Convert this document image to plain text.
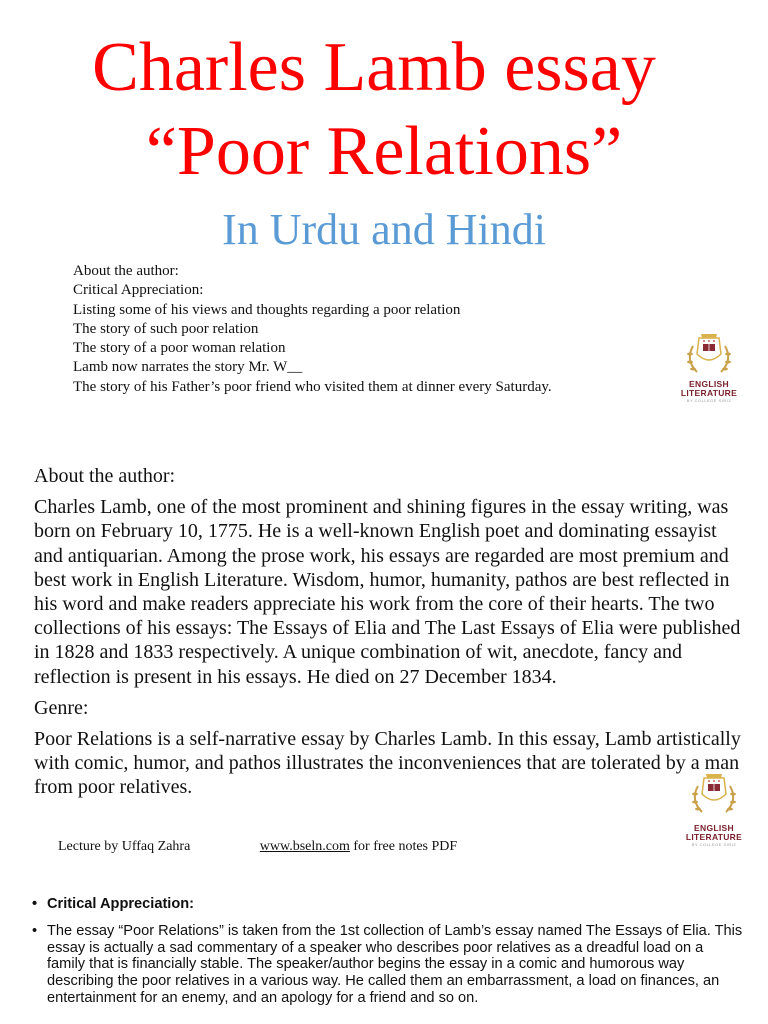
Charles Lamb essay
“Poor Relations”
In Urdu and Hindi
About the author:
Critical Appreciation:
Listing some of his views and thoughts regarding a poor relation
The story of such poor relation
The story of a poor woman relation
Lamb now narrates the story Mr. W__
The story of his Father’s poor friend who visited them at dinner every Saturday.	ENGLISH
LITERATURE
BY COLLEGE SIRIZ

About the author:

Charles Lamb, one of the most prominent and shining figures in the essay writing, was born on February 10, 1775. He is a well-known English poet and dominating essayist and antiquarian. Among the prose work, his essays are regarded are most premium and best work in English Literature. Wisdom, humor, humanity, pathos are best reflected in his word and make readers appreciate his work from the core of their hearts. The two collections of his essays: The Essays of Elia and The Last Essays of Elia were published in 1828 and 1833 respectively. A unique combination of wit, anecdote, fancy and reflection is present in his essays. He died on 27 December 1834.

Genre:

Poor Relations is a self-narrative essay by Charles Lamb. In this essay, Lamb artistically with comic, humor, and pathos illustrates the inconveniences that are tolerated by a man from poor relatives.

ENGLISH
LITERATURE
BY COLLEGE SIRIZ
Lecture by Uffaq Zahra	www.bseln.com for free notes PDF
• Critical Appreciation:
• The essay “Poor Relations” is taken from the 1st collection of Lamb’s essay named The Essays of Elia. This essay is actually a sad commentary of a speaker who describes poor relatives as a dreadful load on a family that is financially stable. The speaker/author begins the essay in a comic and humorous way describing the poor relatives in a various way. He called them an embarrassment, a load on finances, an entertainment for an enemy, and an apology for a friend and so on.
